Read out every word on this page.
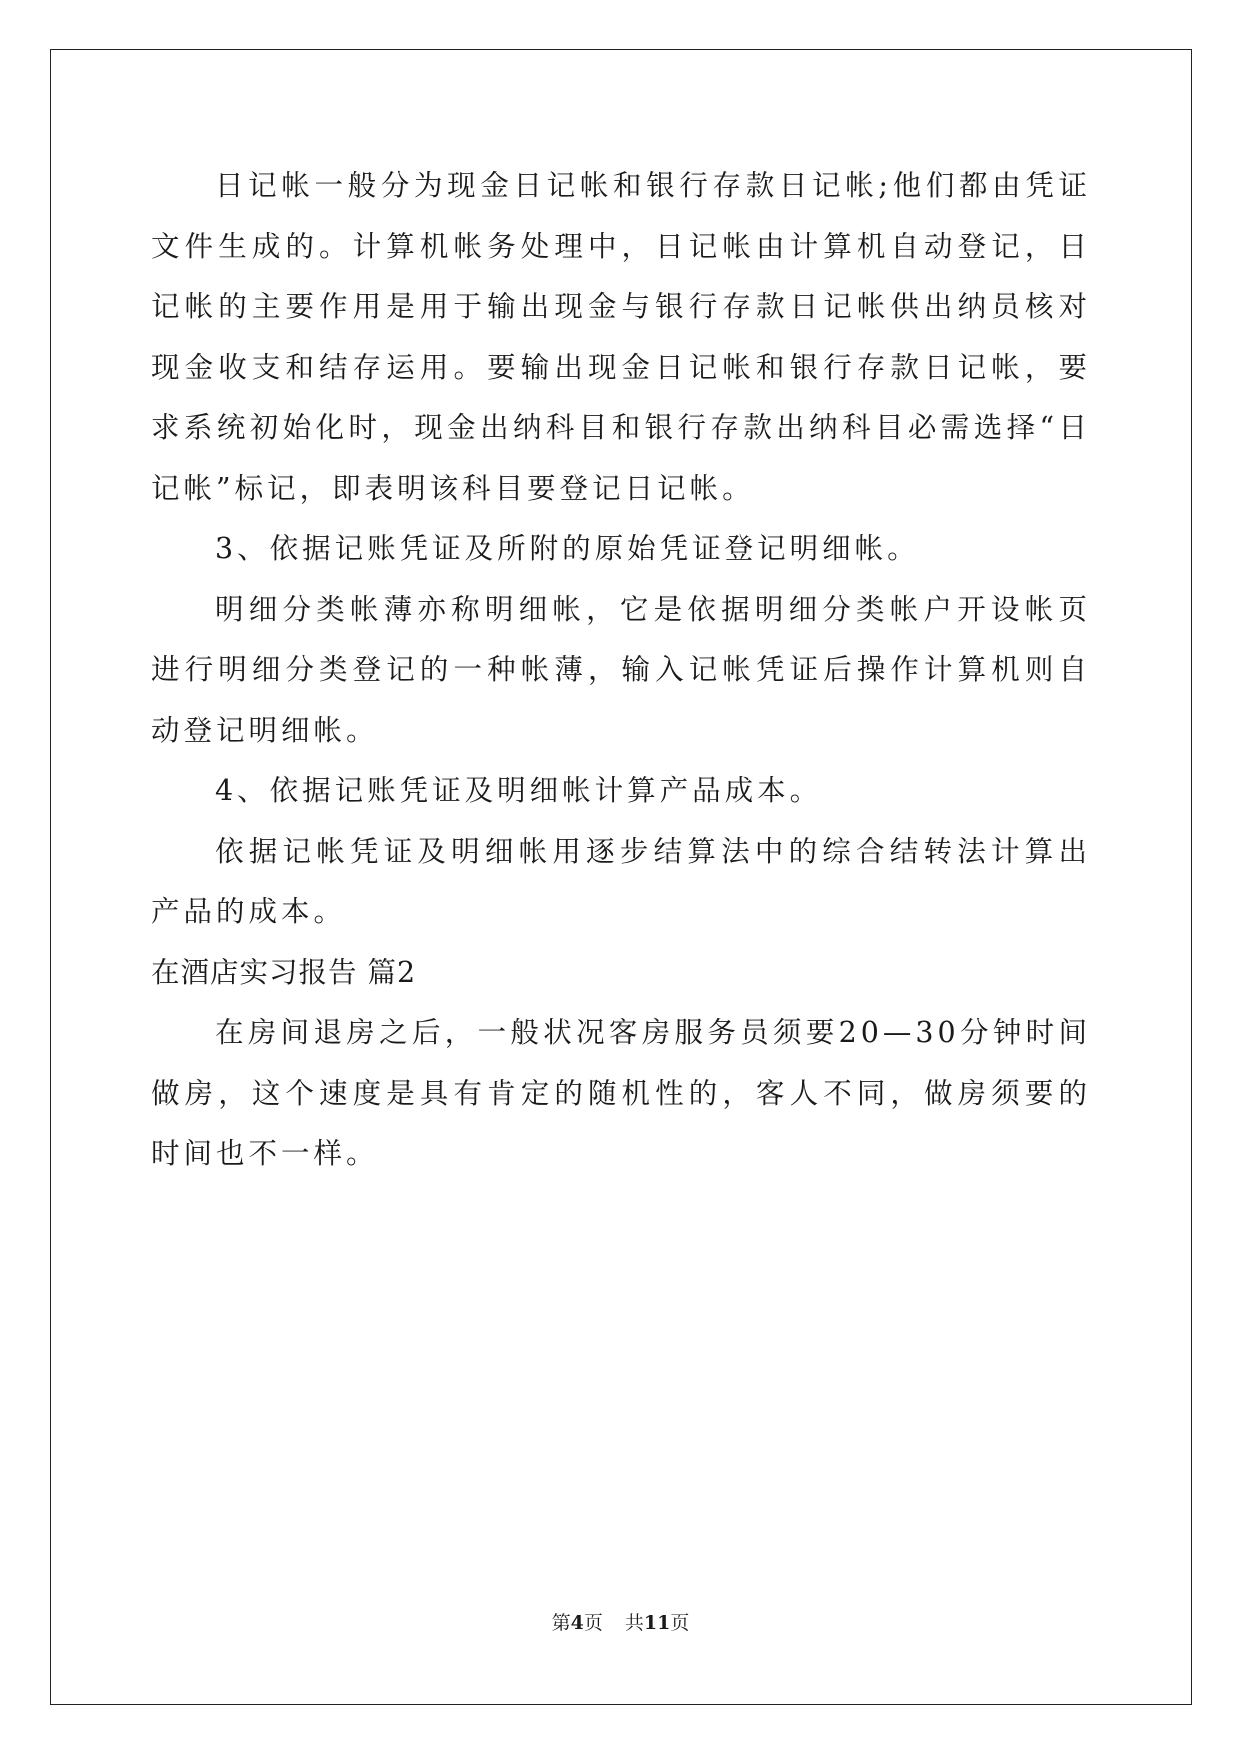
日记帐一般分为现金日记帐和银行存款日记帐;他们都由凭证文件生成的。计算机帐务处理中，日记帐由计算机自动登记，日记帐的主要作用是用于输出现金与银行存款日记帐供出纳员核对现金收支和结存运用。要输出现金日记帐和银行存款日记帐，要求系统初始化时，现金出纳科目和银行存款出纳科目必需选择“日记帐”标记，即表明该科目要登记日记帐。

3、依据记账凭证及所附的原始凭证登记明细帐。

明细分类帐薄亦称明细帐，它是依据明细分类帐户开设帐页进行明细分类登记的一种帐薄，输入记帐凭证后操作计算机则自动登记明细帐。

4、依据记账凭证及明细帐计算产品成本。

依据记帐凭证及明细帐用逐步结算法中的综合结转法计算出产品的成本。

在酒店实习报告 篇2

在房间退房之后，一般状况客房服务员须要20—30分钟时间做房，这个速度是具有肯定的随机性的，客人不同，做房须要的时间也不一样。

第4页 共11页
